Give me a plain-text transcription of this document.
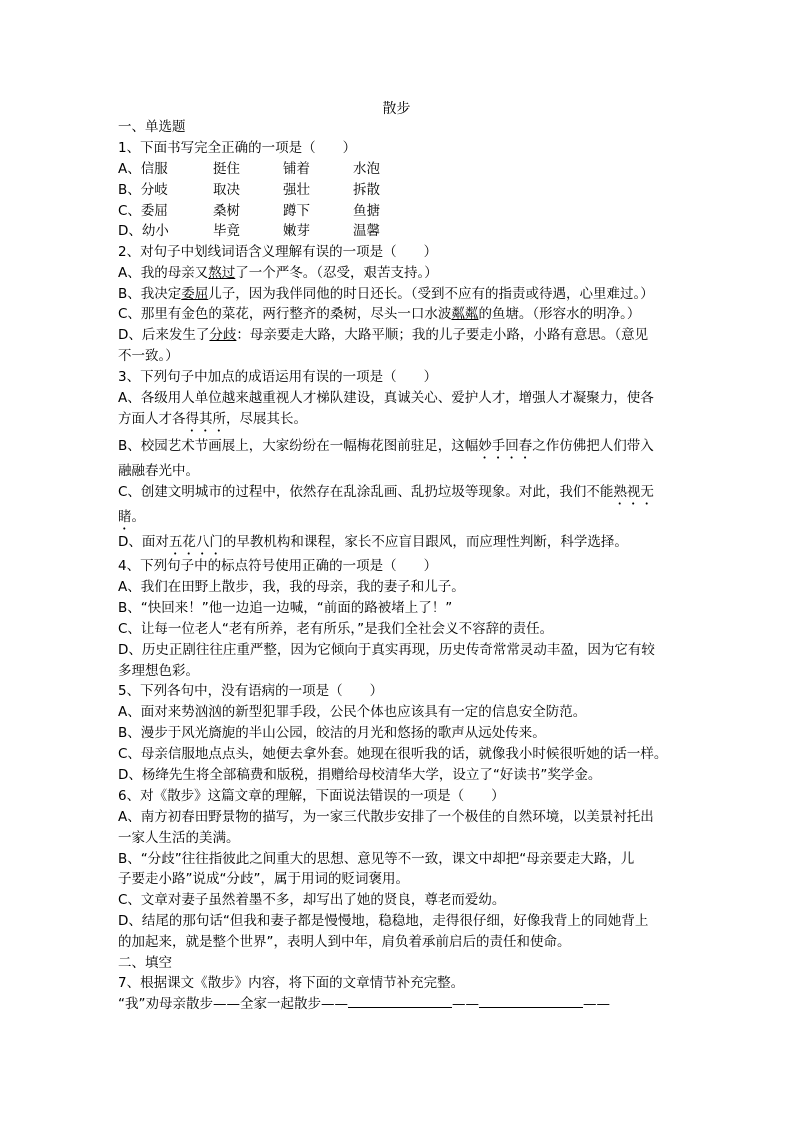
散步
一、单选题
1、下面书写完全正确的一项是（　　）
A、信服	挺住	铺着	水泡
B、分岐	取决	强壮	拆散
C、委屈	桑树	蹲下	鱼搪
D、幼小	毕竟	嫩芽	温馨
2、对句子中划线词语含义理解有误的一项是（　　）
A、我的母亲又熬过了一个严冬。（忍受，艰苦支持。）
B、我决定委屈儿子，因为我伴同他的时日还长。（受到不应有的指责或待遇，心里难过。）
C、那里有金色的菜花，两行整齐的桑树，尽头一口水波粼粼的鱼塘。（形容水的明净。）
D、后来发生了分歧：母亲要走大路，大路平顺；我的儿子要走小路，小路有意思。（意见
不一致。）
3、下列句子中加点的成语运用有误的一项是（　　）
A、各级用人单位越来越重视人才梯队建设，真诚关心、爱护人才，增强人才凝聚力，使各
方面人才各得其所，尽展其长。
B、校园艺术节画展上，大家纷纷在一幅梅花图前驻足，这幅妙手回春之作仿佛把人们带入
融融春光中。
C、创建文明城市的过程中，依然存在乱涂乱画、乱扔垃圾等现象。对此，我们不能熟视无
睹。
D、面对五花八门的早教机构和课程，家长不应盲目跟风，而应理性判断，科学选择。
4、下列句子中的标点符号使用正确的一项是（　　）
A、我们在田野上散步，我，我的母亲，我的妻子和儿子。
B、“快回来！”他一边追一边喊，“前面的路被堵上了！”
C、让每一位老人“老有所养，老有所乐，”是我们全社会义不容辞的责任。
D、历史正剧往往庄重严整，因为它倾向于真实再现，历史传奇常常灵动丰盈，因为它有较
多理想色彩。
5、下列各句中，没有语病的一项是（　　）
A、面对来势汹汹的新型犯罪手段，公民个体也应该具有一定的信息安全防范。
B、漫步于风光旖旎的半山公园，皎洁的月光和悠扬的歌声从远处传来。
C、母亲信服地点点头，她便去拿外套。她现在很听我的话，就像我小时候很听她的话一样。
D、杨绛先生将全部稿费和版税，捐赠给母校清华大学，设立了“好读书”奖学金。
6、对《散步》这篇文章的理解，下面说法错误的一项是（　　）
A、南方初春田野景物的描写，为一家三代散步安排了一个极佳的自然环境，以美景衬托出
一家人生活的美满。
B、“分歧”往往指彼此之间重大的思想、意见等不一致，课文中却把“母亲要走大路，儿
子要走小路”说成“分歧”，属于用词的贬词褒用。
C、文章对妻子虽然着墨不多，却写出了她的贤良，尊老而爱幼。
D、结尾的那句话“但我和妻子都是慢慢地，稳稳地，走得很仔细，好像我背上的同她背上
的加起来，就是整个世界”，表明人到中年，肩负着承前启后的责任和使命。
二、填空
7、根据课文《散步》内容，将下面的文章情节补充完整。
“我”劝母亲散步——全家一起散步——	——	——
